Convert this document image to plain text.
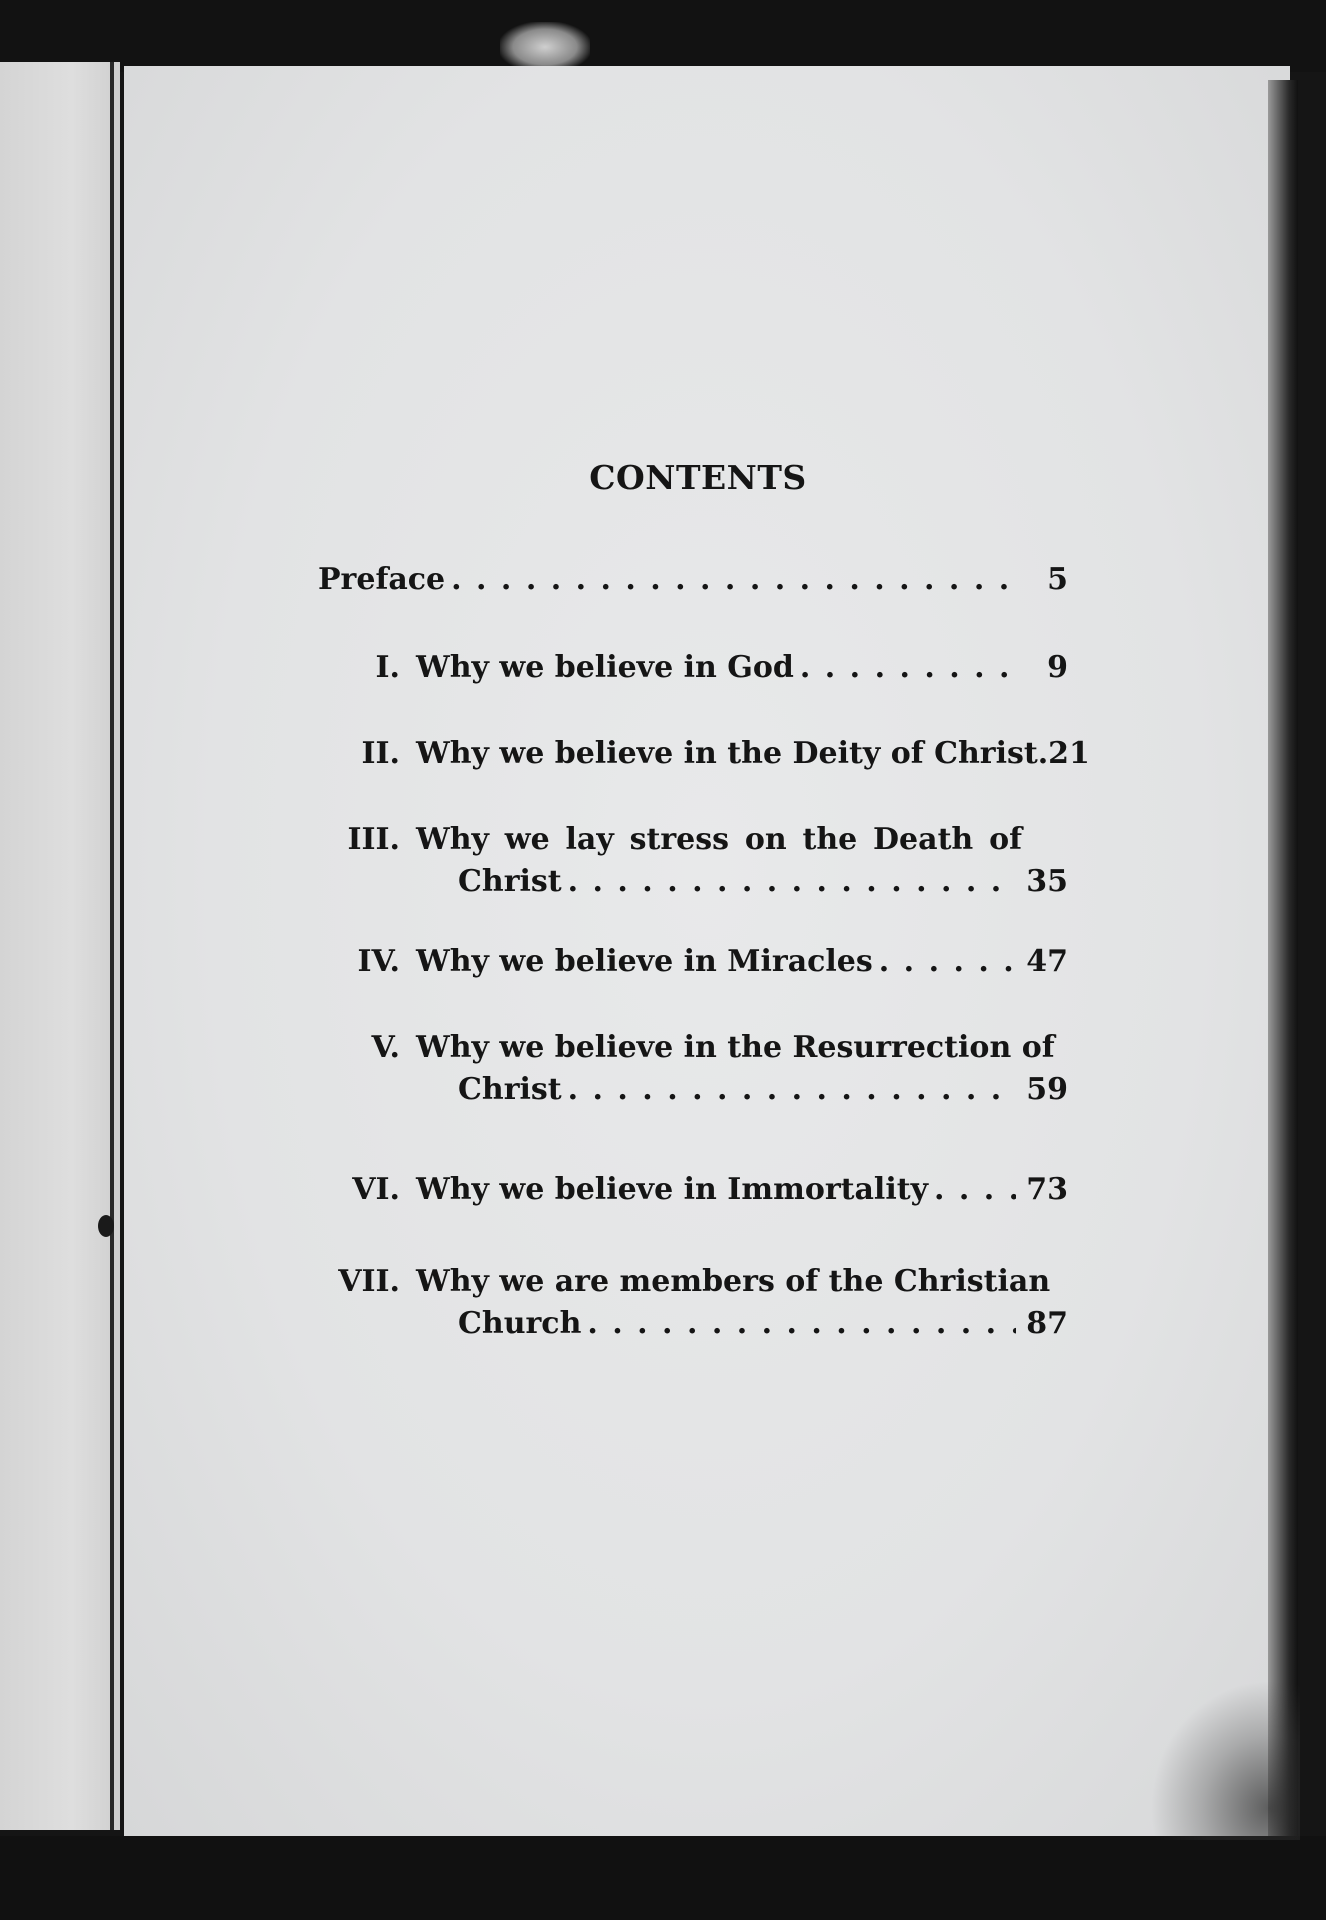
CONTENTS
Preface . . .	5
I. Why we believe in God . . .	9
II. Why we believe in the Deity of Christ. 21
III. Why we lay stress on the Death of
Christ . . .	35
IV. Why we believe in Miracles . . .	47
V. Why we believe in the Resurrection of
Christ . . .	59
VI. Why we believe in Immortality . . .	73
VII. Why we are members of the Christian
Church . . .	87
